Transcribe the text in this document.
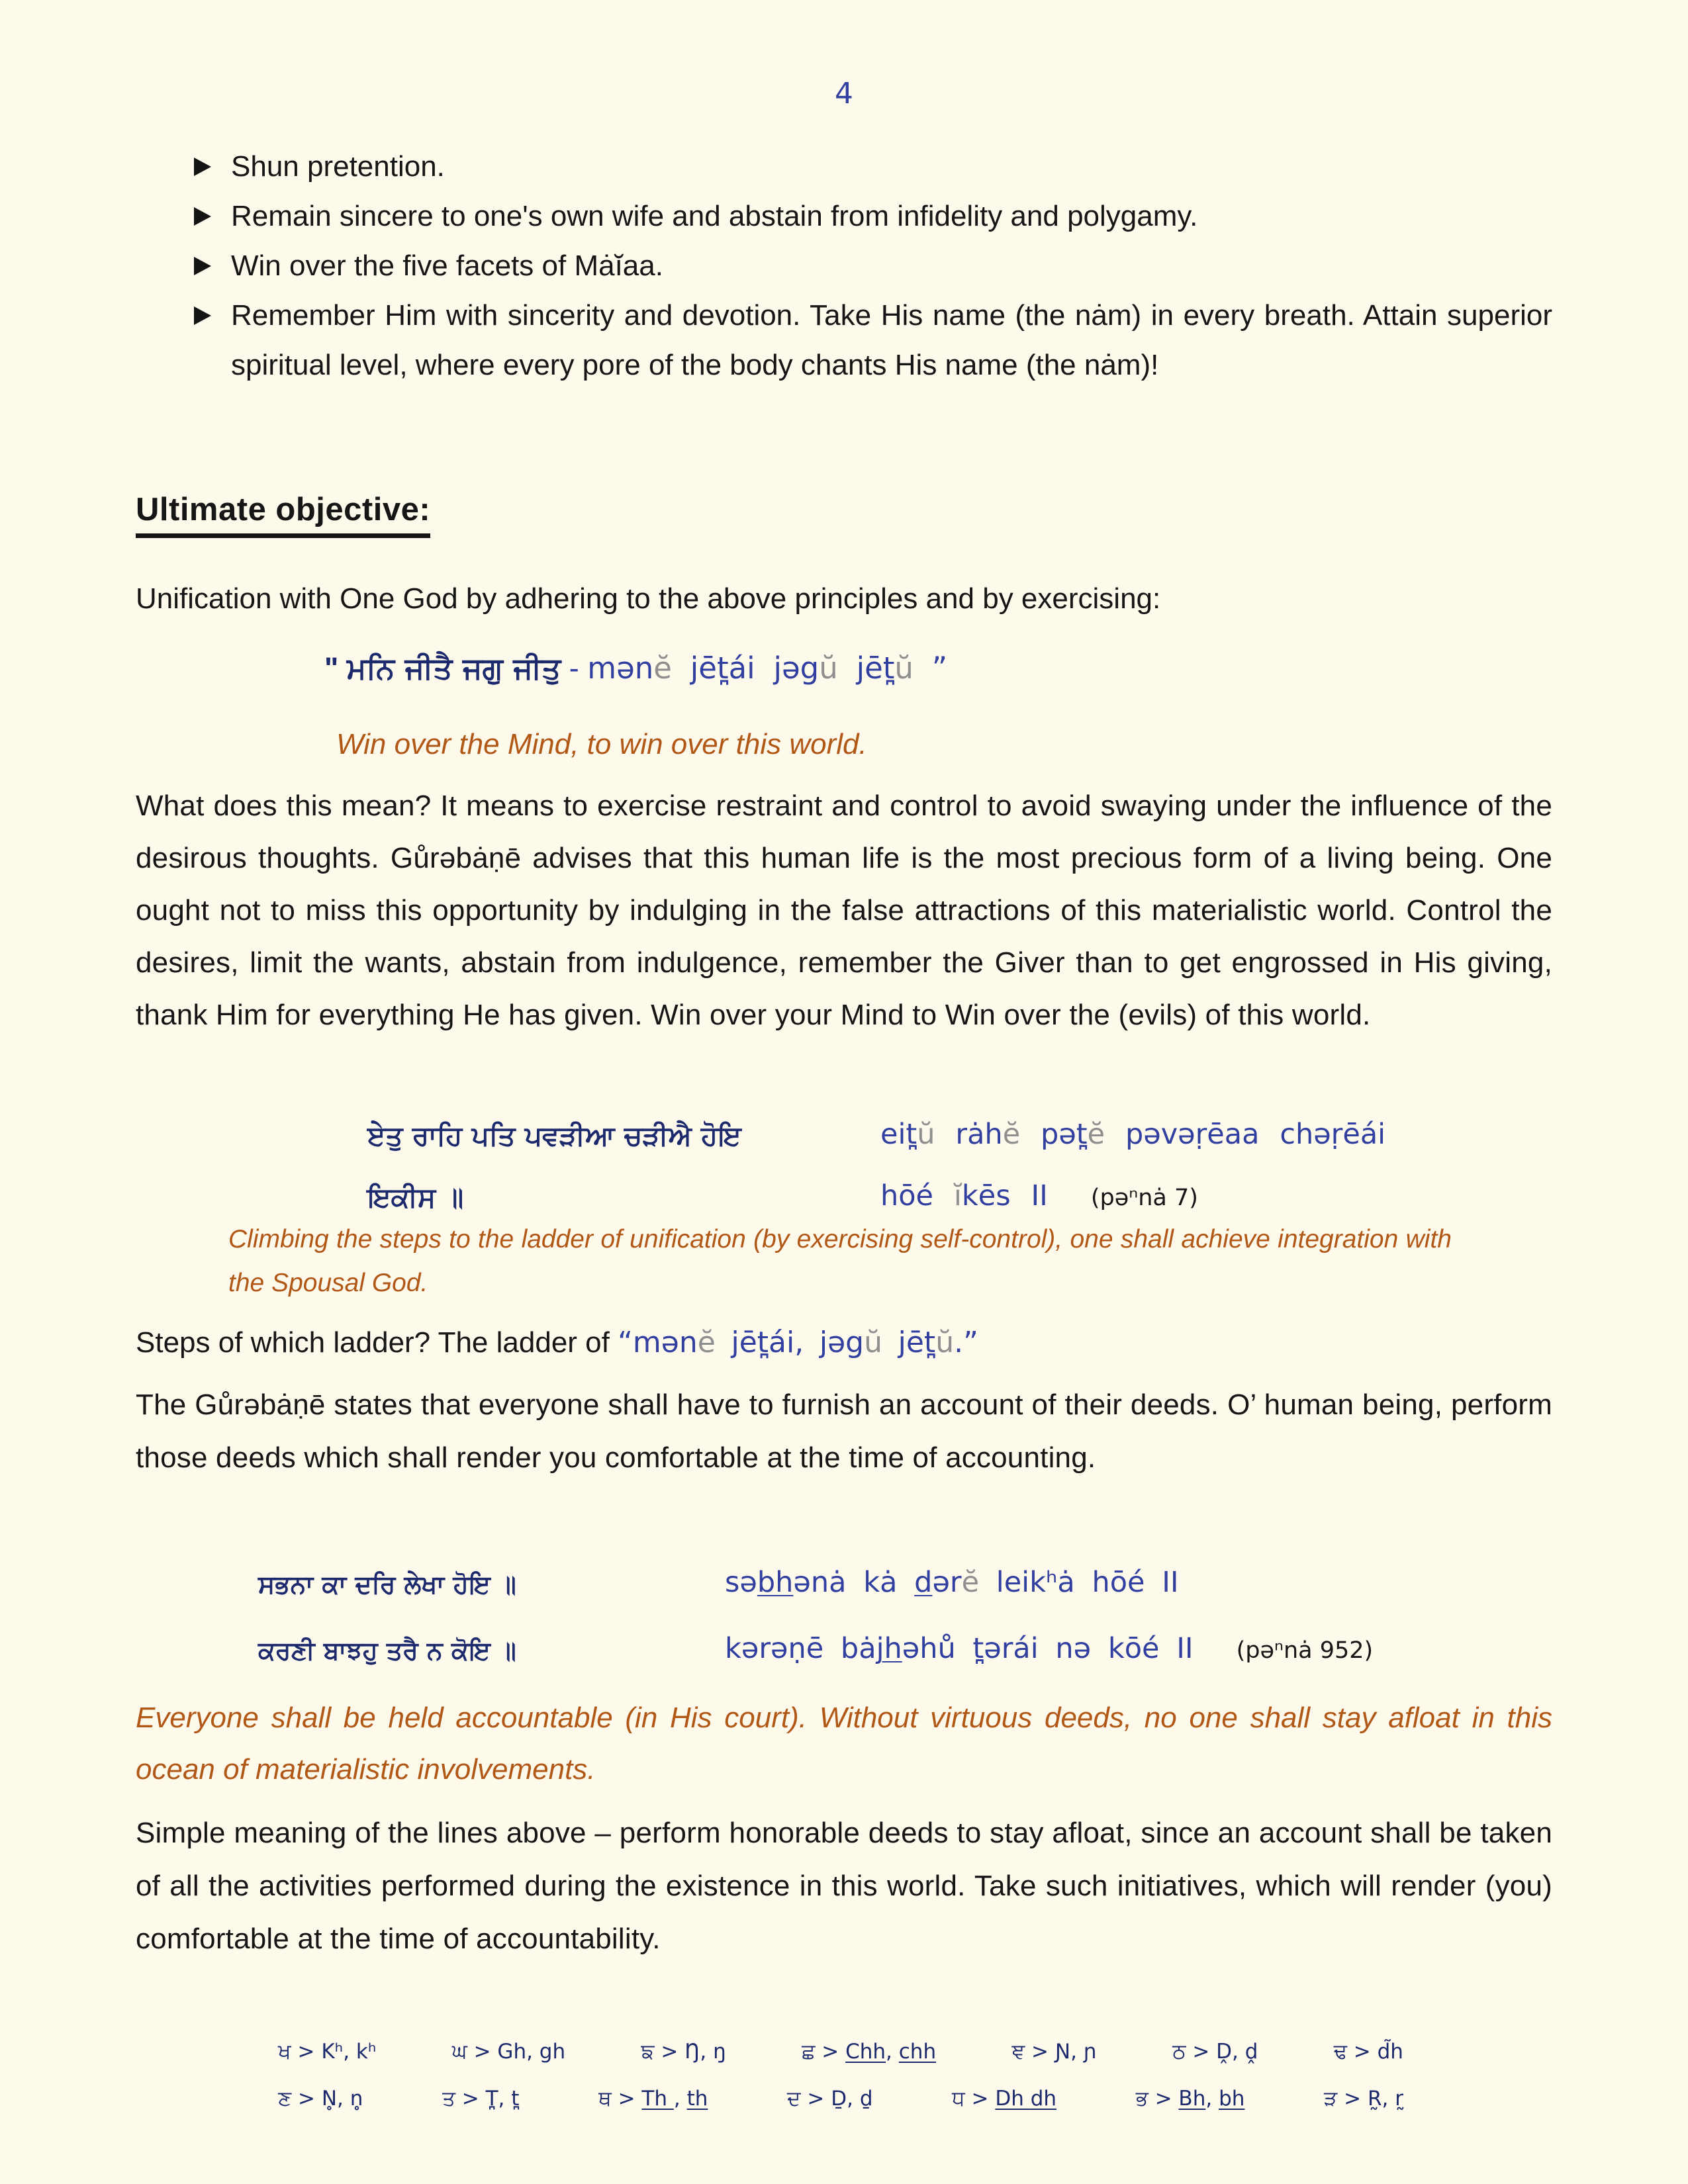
4
Shun pretention.
Remain sincere to one's own wife and abstain from infidelity and polygamy.
Win over the five facets of Mȧĭaa.
Remember Him with sincerity and devotion. Take His name (the nȧm) in every breath. Attain superior spiritual level, where every pore of the body chants His name (the nȧm)!
Ultimate objective:

Unification with One God by adhering to the above principles and by exercising:

" ਮਨਿ ਜੀਤੈ ਜਗੁ ਜੀਤੁ - mənĕ jēt̪ái jəgŭ jēt̪ŭ ”

Win over the Mind, to win over this world.

What does this mean? It means to exercise restraint and control to avoid swaying under the influence of the desirous thoughts. Gůrəbȧṇē advises that this human life is the most precious form of a living being. One ought not to miss this opportunity by indulging in the false attractions of this materialistic world. Control the desires, limit the wants, abstain from indulgence, remember the Giver than to get engrossed in His giving, thank Him for everything He has given. Win over your Mind to Win over the (evils) of this world.

ਏਤੁ ਰਾਹਿ ਪਤਿ ਪਵੜੀਆ ਚੜੀਐ ਹੋਇ	eit̪ŭ rȧhĕ pət̪ĕ pəvəṛēaa chəṛēái
ਇਕੀਸ ॥	hōé ĭkēs II (pəⁿnȧ 7)

Climbing the steps to the ladder of unification (by exercising self-control), one shall achieve integration with the Spousal God.

Steps of which ladder? The ladder of “mənĕ jēt̪ái, jəgŭ jēt̪ŭ.”

The Gůrəbȧṇē states that everyone shall have to furnish an account of their deeds. O’ human being, perform those deeds which shall render you comfortable at the time of accounting.

ਸਭਨਾ ਕਾ ਦਰਿ ਲੇਖਾ ਹੋਇ ॥	səbhənȧ kȧ dərĕ leikʰȧ hōé II
ਕਰਣੀ ਬਾਝਹੁ ਤਰੈ ਨ ਕੋਇ ॥	kərəṇē bȧjhəhů t̪ərái nə kōé II (pəⁿnȧ 952)

Everyone shall be held accountable (in His court). Without virtuous deeds, no one shall stay afloat in this ocean of materialistic involvements.

Simple meaning of the lines above – perform honorable deeds to stay afloat, since an account shall be taken of all the activities performed during the existence in this world. Take such initiatives, which will render (you) comfortable at the time of accountability.

ਖ > Kʰ, kʰ	ਘ > Gh, gh	ਙ > Ŋ, ŋ	ਛ > Chh, chh	ਞ > Ɲ, ɲ	ਠ > Ḓ, ḓ	ਢ > d̃h
ਣ > N̥, n̥	ਤ > T̪, t̪	ਥ > Th , th	ਦ > Ḏ, ḏ	ਧ > Dh dh	ਭ > Bh, bh	ੜ > R̰, r̰
